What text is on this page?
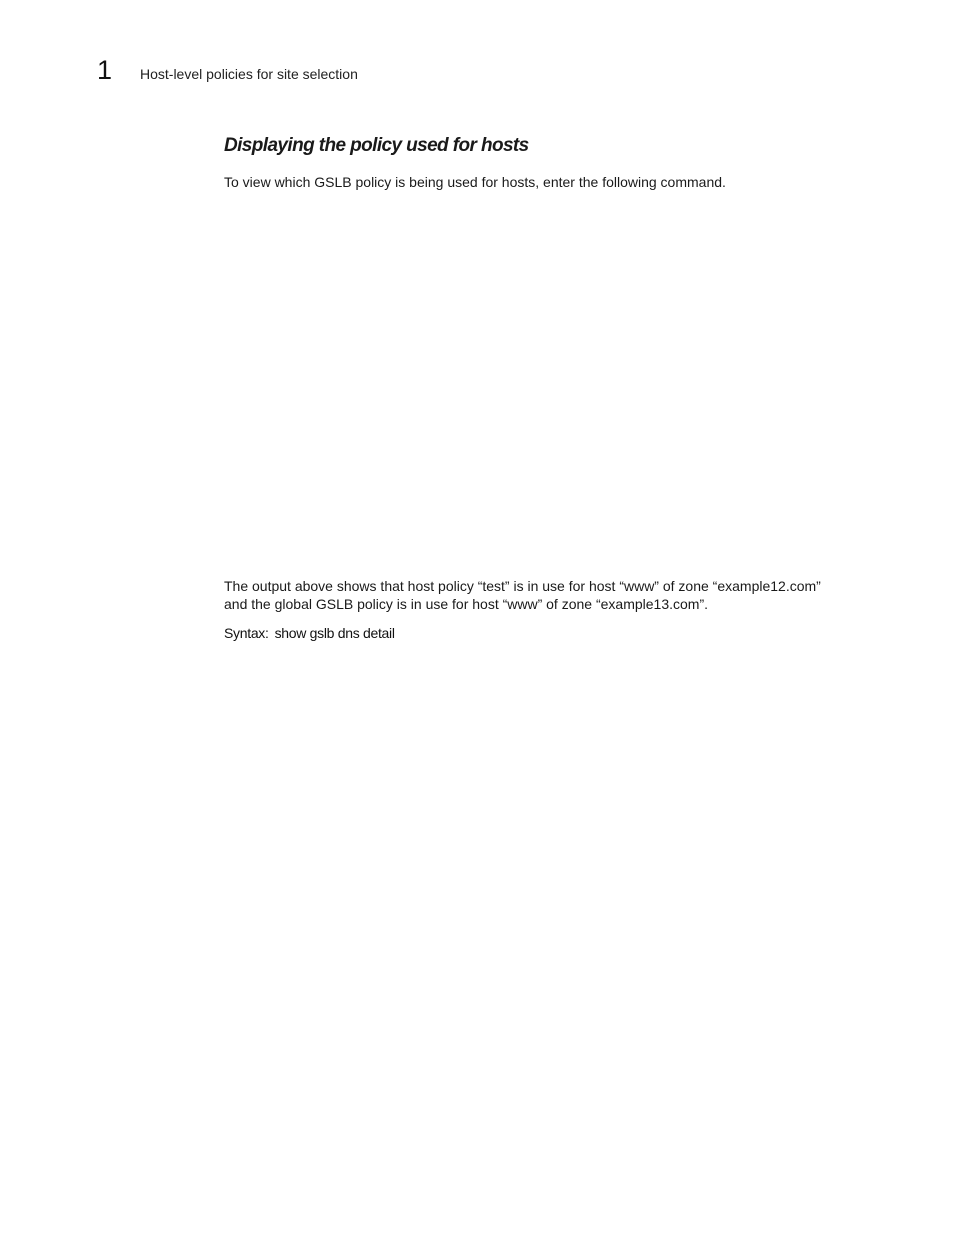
1 Host-level policies for site selection
Displaying the policy used for hosts

To view which GSLB policy is being used for hosts, enter the following command.

The output above shows that host policy “test” is in use for host “www” of zone “example12.com”
and the global GSLB policy is in use for host “www” of zone “example13.com”.
Syntax: show gslb dns detail
